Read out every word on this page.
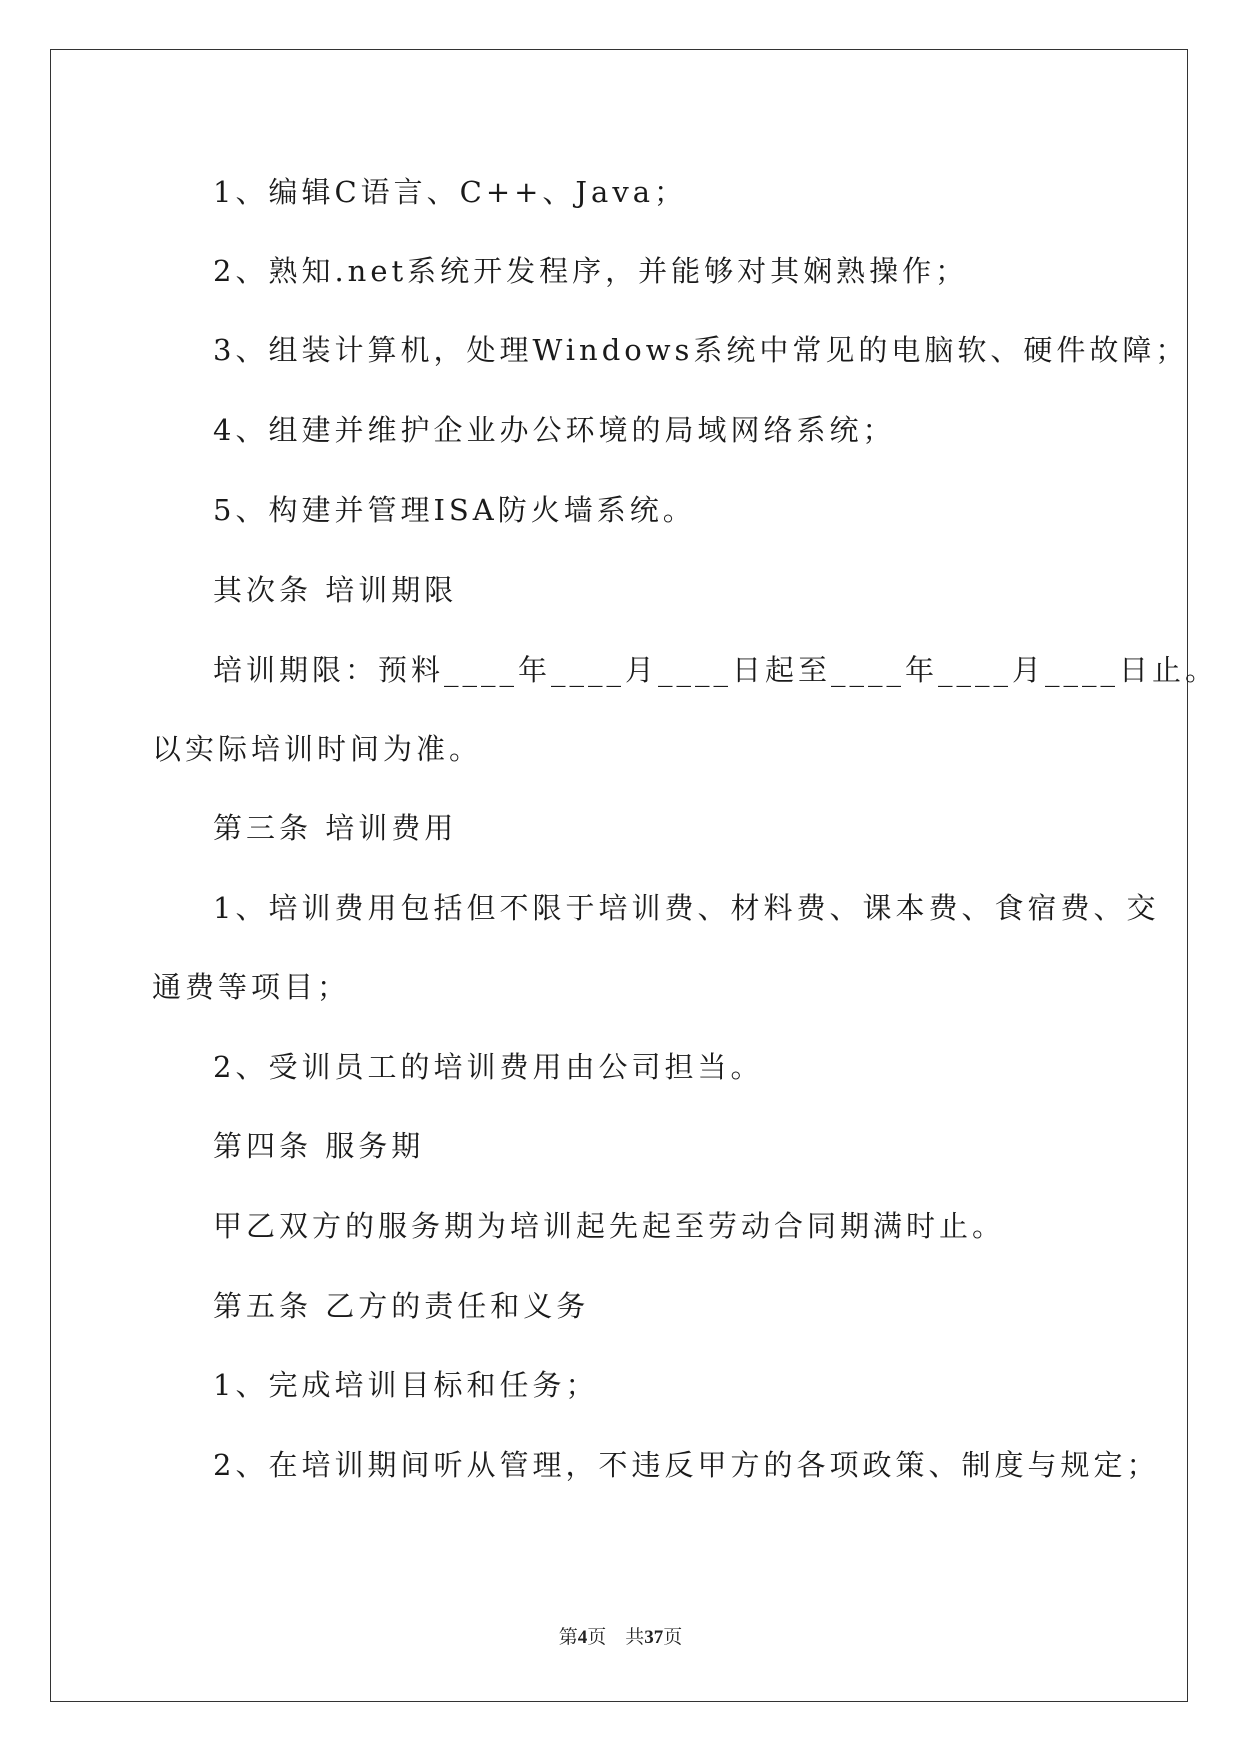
1、编辑C语言、C++、Java；
2、熟知.net系统开发程序，并能够对其娴熟操作；
3、组装计算机，处理Windows系统中常见的电脑软、硬件故障；
4、组建并维护企业办公环境的局域网络系统；
5、构建并管理ISA防火墙系统。
其次条 培训期限
培训期限：预料____年____月____日起至____年____月____日止。
以实际培训时间为准。
第三条 培训费用
1、培训费用包括但不限于培训费、材料费、课本费、食宿费、交
通费等项目；
2、受训员工的培训费用由公司担当。
第四条 服务期
甲乙双方的服务期为培训起先起至劳动合同期满时止。
第五条 乙方的责任和义务
1、完成培训目标和任务；
2、在培训期间听从管理，不违反甲方的各项政策、制度与规定；
第4页　共37页
